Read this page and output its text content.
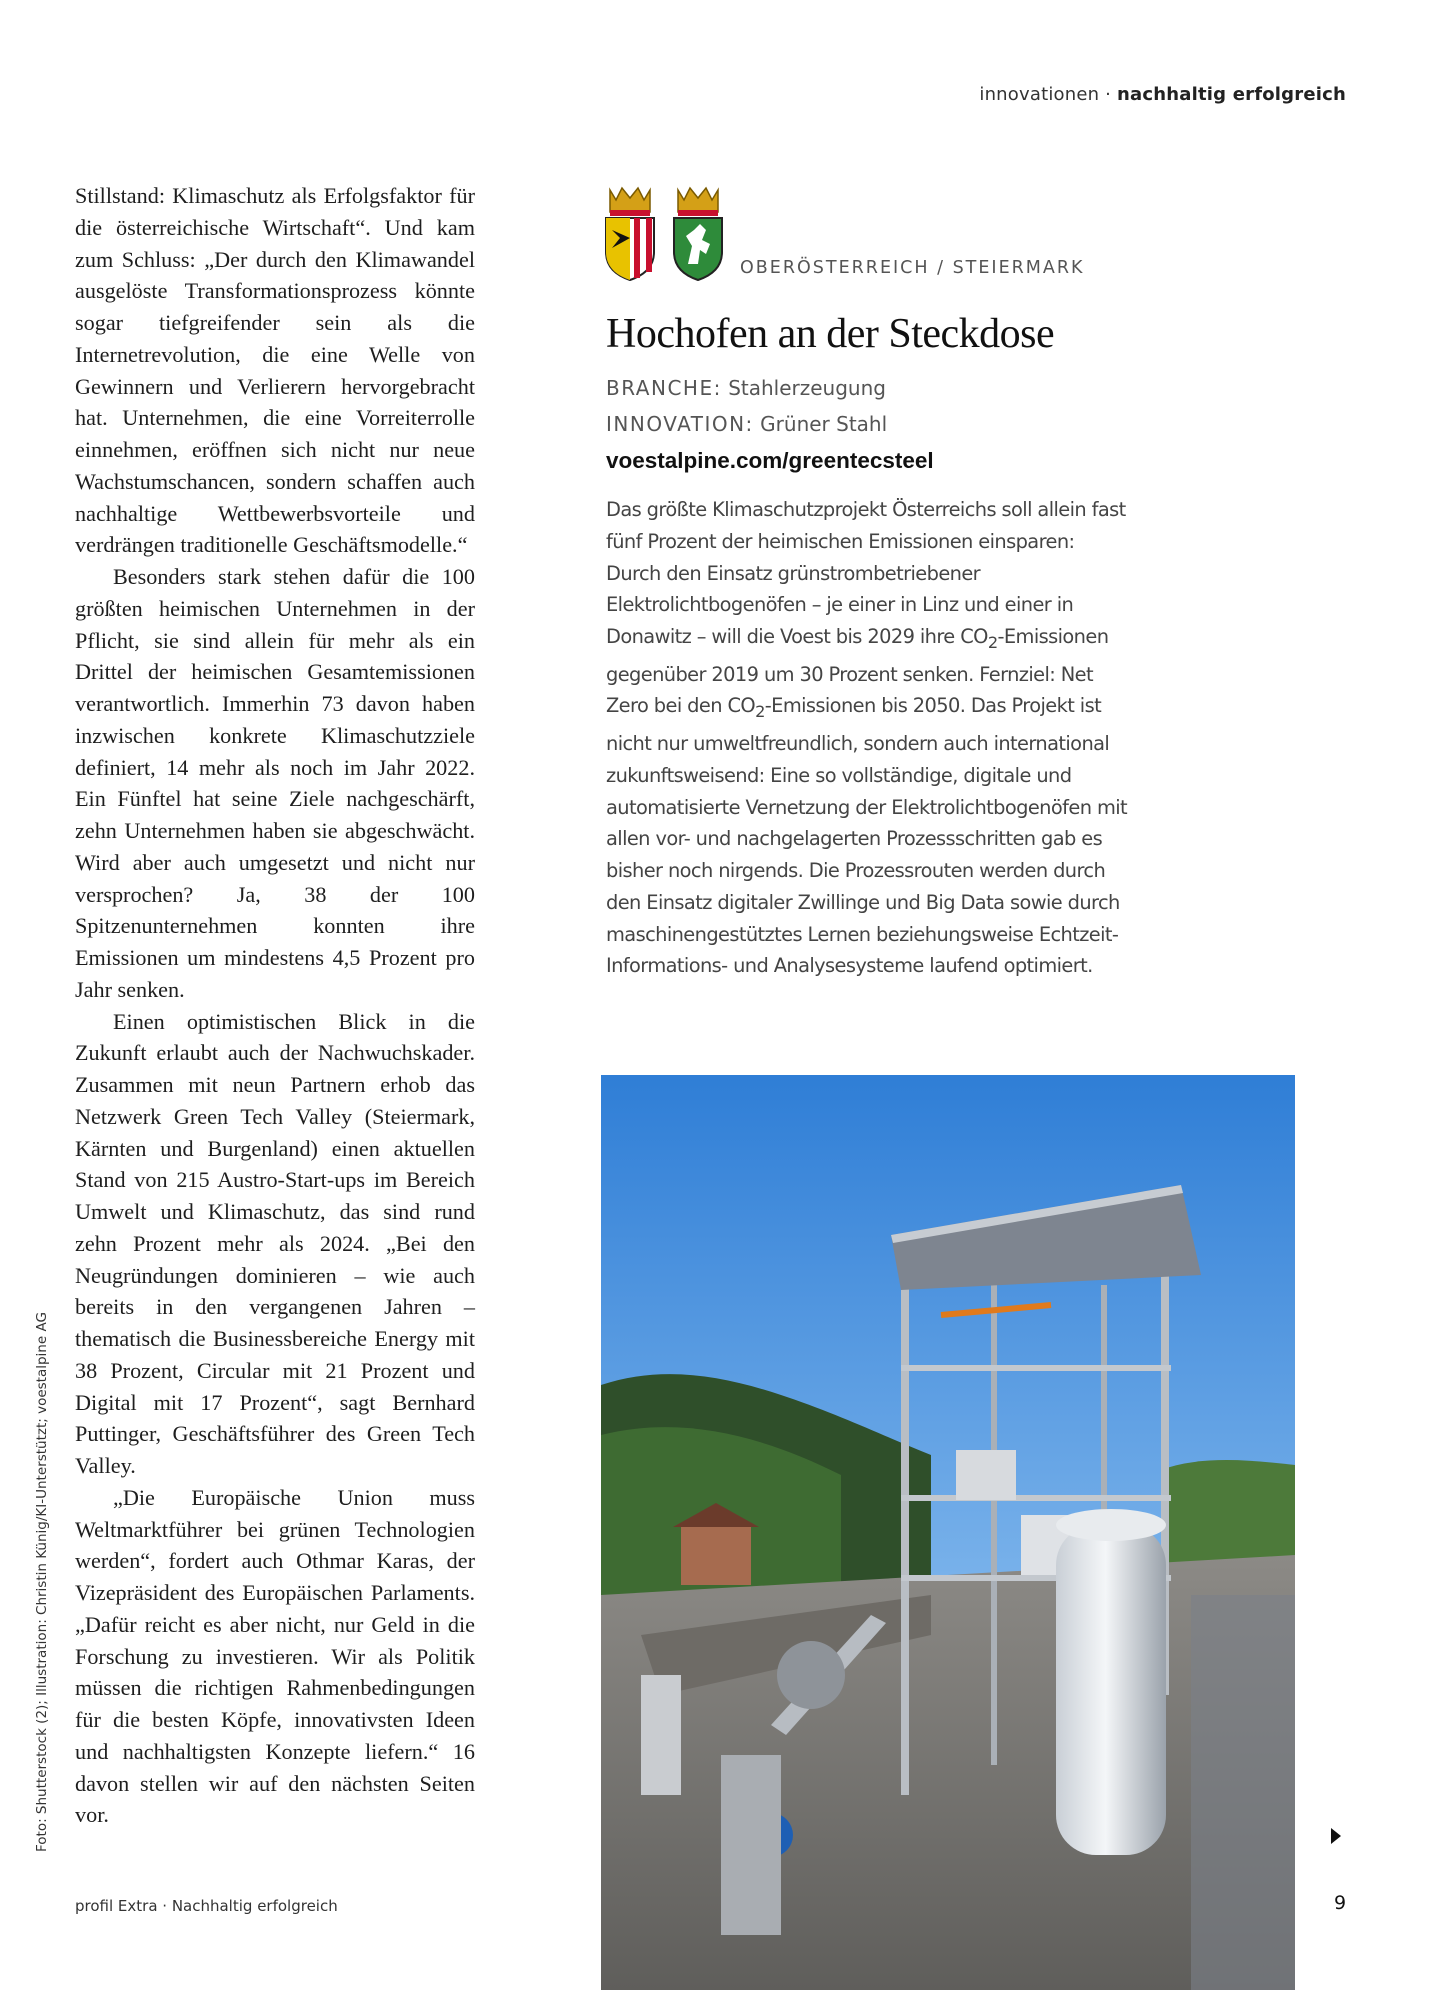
innovationen · nachhaltig erfolgreich

Stillstand: Klimaschutz als Erfolgsfaktor für die österreichische Wirtschaft“. Und kam zum Schluss: „Der durch den Klimawandel ausgelöste Transformationsprozess könnte sogar tiefgreifender sein als die Internetrevolution, die eine Welle von Gewinnern und Verlierern hervorgebracht hat. Unternehmen, die eine Vorreiterrolle einnehmen, eröffnen sich nicht nur neue Wachstumschancen, sondern schaffen auch nachhaltige Wettbewerbsvorteile und verdrängen traditionelle Geschäftsmodelle.“

Besonders stark stehen dafür die 100 größten heimischen Unternehmen in der Pflicht, sie sind allein für mehr als ein Drittel der heimischen Gesamtemissionen verantwortlich. Immerhin 73 davon haben inzwischen konkrete Klimaschutzziele definiert, 14 mehr als noch im Jahr 2022. Ein Fünftel hat seine Ziele nachgeschärft, zehn Unternehmen haben sie abgeschwächt. Wird aber auch umgesetzt und nicht nur versprochen? Ja, 38 der 100 Spitzenunternehmen konnten ihre Emissionen um mindestens 4,5 Prozent pro Jahr senken.

Einen optimistischen Blick in die Zukunft erlaubt auch der Nachwuchskader. Zusammen mit neun Partnern erhob das Netzwerk Green Tech Valley (Steiermark, Kärnten und Burgenland) einen aktuellen Stand von 215 Austro-Start-ups im Bereich Umwelt und Klimaschutz, das sind rund zehn Prozent mehr als 2024. „Bei den Neugründungen dominieren – wie auch bereits in den vergangenen Jahren – thematisch die Businessbereiche Energy mit 38 Prozent, Circular mit 21 Prozent und Digital mit 17 Prozent“, sagt Bernhard Puttinger, Geschäftsführer des Green Tech Valley.

„Die Europäische Union muss Weltmarktführer bei grünen Technologien werden“, fordert auch Othmar Karas, der Vizepräsident des Europäischen Parlaments. „Dafür reicht es aber nicht, nur Geld in die Forschung zu investieren. Wir als Politik müssen die richtigen Rahmenbedingungen für die besten Köpfe, innovativsten Ideen und nachhaltigsten Konzepte liefern.“ 16 davon stellen wir auf den nächsten Seiten vor.

Foto: Shutterstock (2); Illustration: Christin Künig/KI-Unterstützt; voestalpine AG
OBERÖSTERREICH / STEIERMARK
Hochofen an der Steckdose
BRANCHE: Stahlerzeugung
INNOVATION: Grüner Stahl
voestalpine.com/greentecsteel

Das größte Klimaschutzprojekt Österreichs soll allein fast fünf Prozent der heimischen Emissionen einsparen: Durch den Einsatz grünstrombetriebener Elektrolichtbogenöfen – je einer in Linz und einer in Donawitz – will die Voest bis 2029 ihre $CO_2$-Emissionen gegenüber 2019 um 30 Prozent senken. Fernziel: Net Zero bei den $CO_2$-Emissionen bis 2050. Das Projekt ist nicht nur umweltfreundlich, sondern auch international zukunftsweisend: Eine so vollständige, digitale und automatisierte Vernetzung der Elektrolichtbogenöfen mit allen vor- und nachgelagerten Prozessschritten gab es bisher noch nirgends. Die Prozessrouten werden durch den Einsatz digitaler Zwillinge und Big Data sowie durch maschinengestütztes Lernen beziehungsweise Echtzeit-Informations- und Analysesysteme laufend optimiert.

profil Extra · Nachhaltig erfolgreich	9
